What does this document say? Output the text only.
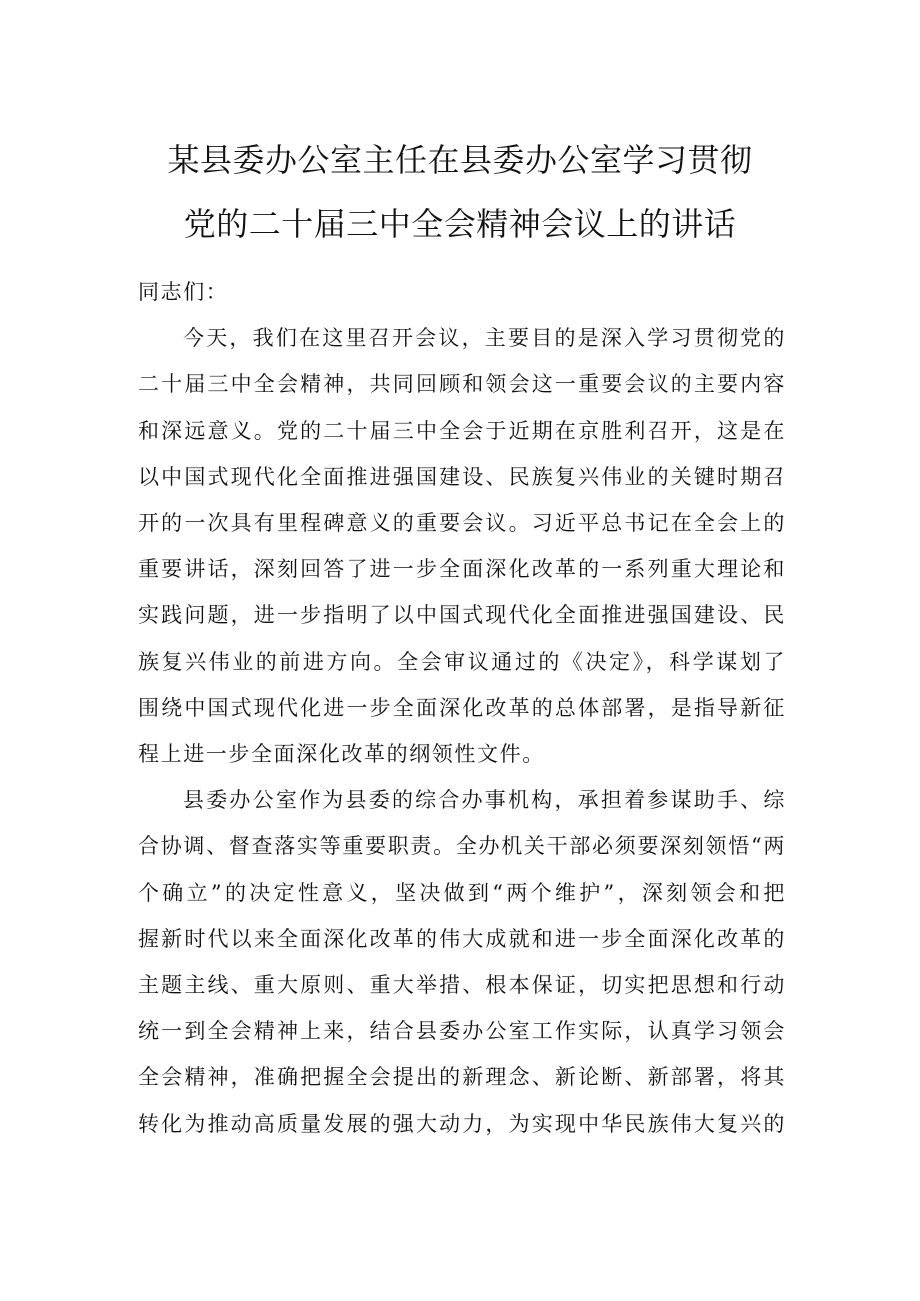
某县委办公室主任在县委办公室学习贯彻
党的二十届三中全会精神会议上的讲话

同志们：

今天，我们在这里召开会议，主要目的是深入学习贯彻党的
二十届三中全会精神，共同回顾和领会这一重要会议的主要内容
和深远意义。党的二十届三中全会于近期在京胜利召开，这是在
以中国式现代化全面推进强国建设、民族复兴伟业的关键时期召
开的一次具有里程碑意义的重要会议。习近平总书记在全会上的
重要讲话，深刻回答了进一步全面深化改革的一系列重大理论和
实践问题，进一步指明了以中国式现代化全面推进强国建设、民
族复兴伟业的前进方向。全会审议通过的《决定》，科学谋划了
围绕中国式现代化进一步全面深化改革的总体部署，是指导新征
程上进一步全面深化改革的纲领性文件。

县委办公室作为县委的综合办事机构，承担着参谋助手、综
合协调、督查落实等重要职责。全办机关干部必须要深刻领悟“两
个确立”的决定性意义，坚决做到“两个维护”，深刻领会和把
握新时代以来全面深化改革的伟大成就和进一步全面深化改革的
主题主线、重大原则、重大举措、根本保证，切实把思想和行动
统一到全会精神上来，结合县委办公室工作实际，认真学习领会
全会精神，准确把握全会提出的新理念、新论断、新部署，将其
转化为推动高质量发展的强大动力，为实现中华民族伟大复兴的
